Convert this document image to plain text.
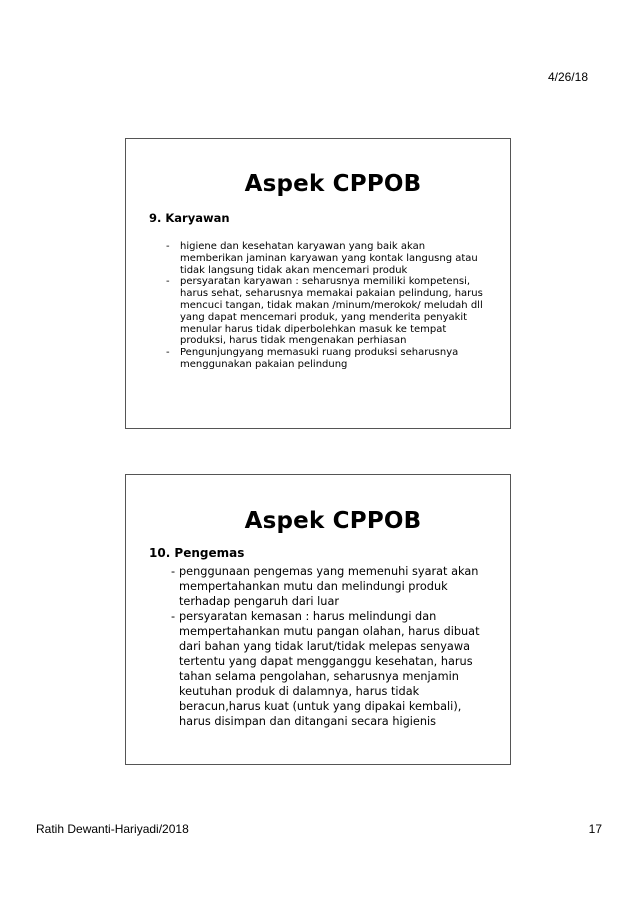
4/26/18
Aspek CPPOB
9. Karyawan
- higiene dan kesehatan karyawan yang baik akan memberikan jaminan karyawan yang kontak langusng atau tidak langsung tidak akan mencemari produk
- persyaratan karyawan : seharusnya memiliki kompetensi, harus sehat, seharusnya memakai pakaian pelindung, harus mencuci tangan, tidak makan /minum/merokok/ meludah dll yang dapat mencemari produk, yang menderita penyakit menular harus tidak diperbolehkan masuk ke tempat produksi, harus tidak mengenakan perhiasan
- Pengunjungyang memasuki ruang produksi seharusnya menggunakan pakaian pelindung
Aspek CPPOB
10. Pengemas
- penggunaan pengemas yang memenuhi syarat akan mempertahankan mutu dan melindungi produk terhadap pengaruh dari luar
- persyaratan kemasan : harus melindungi dan mempertahankan mutu pangan olahan, harus dibuat dari bahan yang tidak larut/tidak melepas senyawa tertentu yang dapat mengganggu kesehatan, harus tahan selama pengolahan, seharusnya menjamin keutuhan produk di dalamnya, harus tidak beracun,harus kuat (untuk yang dipakai kembali), harus disimpan dan ditangani secara higienis
Ratih Dewanti-Hariyadi/2018	17
